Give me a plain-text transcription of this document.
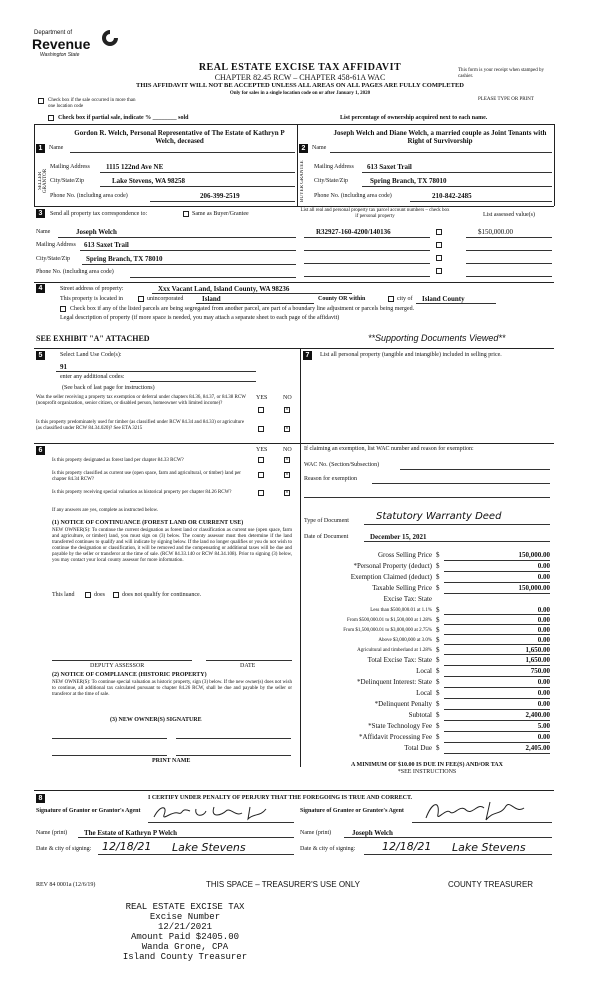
Department of
Revenue
Washington State
REAL ESTATE EXCISE TAX AFFIDAVIT
CHAPTER 82.45 RCW – CHAPTER 458-61A WAC
THIS AFFIDAVIT WILL NOT BE ACCEPTED UNLESS ALL AREAS ON ALL PAGES ARE FULLY COMPLETED
Only for sales in a single location code on or after January 1, 2020
This form is your receipt when stamped by cashier.
PLEASE TYPE OR PRINT
Check box if the sale occurred in more than one location code
Check box if partial sale, indicate % ________ sold	List percentage of ownership acquired next to each name.
1	Name
Gordon R. Welch, Personal Representative of The Estate of Kathryn P Welch, deceased
SELLER GRANTOR
Mailing Address 1115 122nd Ave NE
City/State/Zip	Lake Stevens, WA 98258
Phone No. (including area code)	206-399-2519
2	Name
Joseph Welch and Diane Welch, a married couple as Joint Tenants with Right of Survivorship
BUYER GRANTEE Mailing Address 613 Saxet Trail
City/State/Zip	Spring Branch, TX 78010
Phone No. (including area code)	210-842-2485
3	Send all property tax correspondence to:	Same as Buyer/Grantee
Name	Joseph Welch
Mailing Address 613 Saxet Trail
City/State/Zip Spring Branch, TX 78010
Phone No. (including area code)
List all real and personal property tax parcel account numbers – check box if personal property	List assessed value(s)
R32927-160-4200/140136	$150,000.00
4	Street address of property:	Xxx Vacant Land, Island County, WA 98236
This property is located in	unincorporated	Island	County OR within	city of Island County
Check box if any of the listed parcels are being segregated from another parcel, are part of a boundary line adjustment or parcels being merged.
Legal description of property (if more space is needed, you may attach a separate sheet to each page of the affidavit)
SEE EXHIBIT "A" ATTACHED	**Supporting Documents Viewed**
5	Select Land Use Code(s):
91
enter any additional codes:
(See back of last page for instructions)
YES	NO
Was the seller receiving a property tax exemption or deferral under chapters 84.36, 84.37, or 84.38 RCW (nonprofit organization, senior citizen, or disabled person, homeowner with limited income)?
×
Is this property predominately used for timber (as classified under RCW 84.34 and 84.33) or agriculture (as classified under RCW 84.34.020)? See ETA 3215	×
7	List all personal property (tangible and intangible) included in selling price.
6	YES	NO
Is this property designated as forest land per chapter 84.33 RCW?	×
Is this property classified as current use (open space, farm and agricultural, or timber) land per chapter 84.34 RCW?
×
Is this property receiving special valuation as historical property per chapter 84.26 RCW?	×
If any answers are yes, complete as instructed below.
(1) NOTICE OF CONTINUANCE (FOREST LAND OR CURRENT USE)
NEW OWNER(S): To continue the current designation as forest land or classification as current use (open space, farm and agriculture, or timber) land, you must sign on (3) below. The county assessor must then determine if the land transferred continues to qualify and will indicate by signing below. If the land no longer qualifies or you do not wish to continue the designation or classification, it will be removed and the compensating or additional taxes will be due and payable by the seller or transferor at the time of sale. (RCW 84.33.140 or RCW 84.34.108). Prior to signing (3) below, you may contact your local county assessor for more information.
This land	does	does not qualify for continuance.
DEPUTY ASSESSOR	DATE
(2) NOTICE OF COMPLIANCE (HISTORIC PROPERTY)
NEW OWNER(S): To continue special valuation as historic property, sign (3) below. If the new owner(s) does not wish to continue, all additional tax calculated pursuant to chapter 84.26 RCW, shall be due and payable by the seller or transferor at the time of sale.
(3) NEW OWNER(S) SIGNATURE
PRINT NAME
If claiming an exemption, list WAC number and reason for exemption:
WAC No. (Section/Subsection)
Reason for exemption
Type of Document	Statutory Warranty Deed
Date of Document	December 15, 2021
Gross Selling Price $	150,000.00
*Personal Property (deduct) $	0.00
Exemption Claimed (deduct) $	0.00
Taxable Selling Price $	150,000.00
Excise Tax: State
Less than $500,000.01 at 1.1% $	0.00
From $500,000.01 to $1,500,000 at 1.28% $	0.00
From $1,500,000.01 to $3,000,000 at 2.75% $	0.00
Above $3,000,000 at 3.0% $	0.00
Agricultural and timberland at 1.28% $	1,650.00
Total Excise Tax: State $	1,650.00
Local $	750.00
*Delinquent Interest: State $	0.00
Local $	0.00
*Delinquent Penalty $	0.00
Subtotal $	2,400.00
*State Technology Fee $	5.00
*Affidavit Processing Fee $	0.00
Total Due $	2,405.00
A MINIMUM OF $10.00 IS DUE IN FEE(S) AND/OR TAX
*SEE INSTRUCTIONS
8	I CERTIFY UNDER PENALTY OF PERJURY THAT THE FOREGOING IS TRUE AND CORRECT.
Signature of Grantor or Grantor's Agent
Name (print) The Estate of Kathryn P Welch
Date & city of signing: 12/18/21 Lake Stevens
Signature of Grantee or Grantee's Agent
Name (print)	Joseph Welch
Date & city of signing: 12/18/21 Lake Stevens
REV 84 0001a (12/6/19)	THIS SPACE – TREASURER'S USE ONLY	COUNTY TREASURER
REAL ESTATE EXCISE TAX
Excise Number
12/21/2021
Amount Paid $2405.00
Wanda Grone, CPA
Island County Treasurer
